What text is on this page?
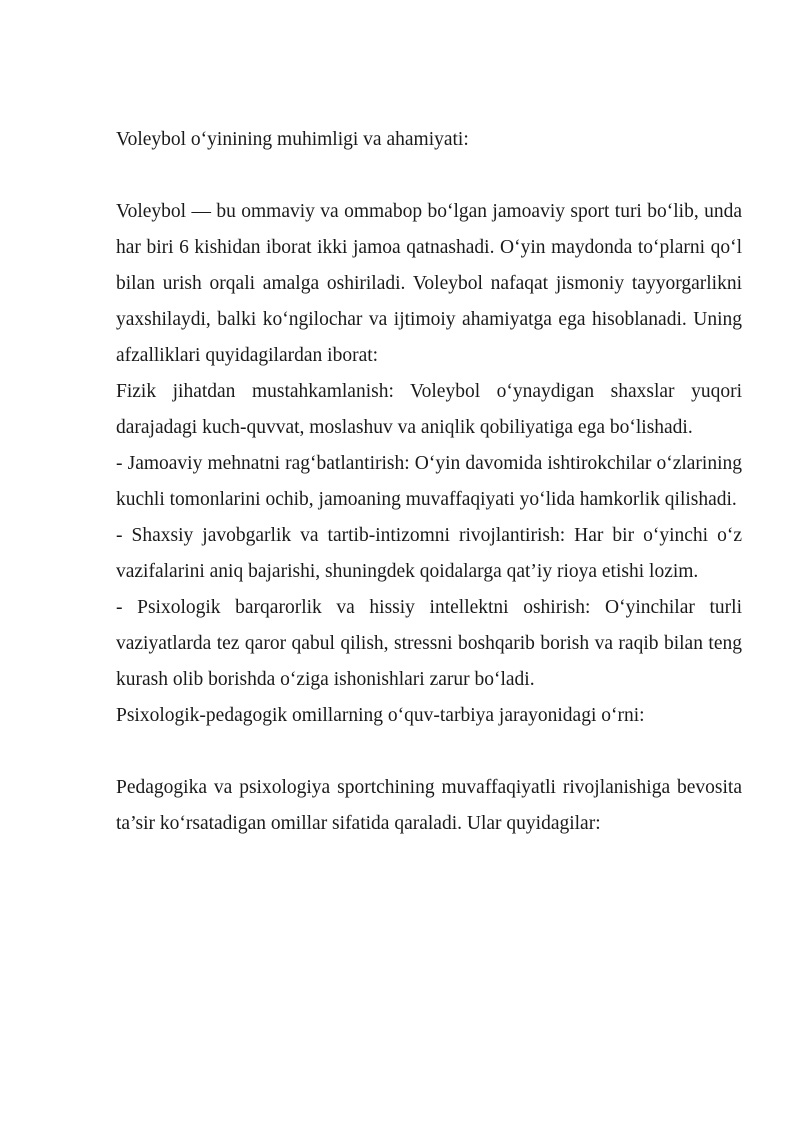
Voleybol o‘yinining muhimligi va ahamiyati:

Voleybol — bu ommaviy va ommabop bo‘lgan jamoaviy sport turi bo‘lib, unda har biri 6 kishidan iborat ikki jamoa qatnashadi. O‘yin maydonda to‘plarni qo‘l bilan urish orqali amalga oshiriladi. Voleybol nafaqat jismoniy tayyorgarlikni yaxshilaydi, balki ko‘ngilochar va ijtimoiy ahamiyatga ega hisoblanadi. Uning afzalliklari quyidagilardan iborat:

Fizik jihatdan mustahkamlanish: Voleybol o‘ynaydigan shaxslar yuqori darajadagi kuch-quvvat, moslashuv va aniqlik qobiliyatiga ega bo‘lishadi.

- Jamoaviy mehnatni rag‘batlantirish: O‘yin davomida ishtirokchilar o‘zlarining kuchli tomonlarini ochib, jamoaning muvaffaqiyati yo‘lida hamkorlik qilishadi.

- Shaxsiy javobgarlik va tartib-intizomni rivojlantirish: Har bir o‘yinchi o‘z vazifalarini aniq bajarishi, shuningdek qoidalarga qat’iy rioya etishi lozim.

- Psixologik barqarorlik va hissiy intellektni oshirish: O‘yinchilar turli vaziyatlarda tez qaror qabul qilish, stressni boshqarib borish va raqib bilan teng kurash olib borishda o‘ziga ishonishlari zarur bo‘ladi.

Psixologik-pedagogik omillarning o‘quv-tarbiya jarayonidagi o‘rni:

Pedagogika va psixologiya sportchining muvaffaqiyatli rivojlanishiga bevosita ta’sir ko‘rsatadigan omillar sifatida qaraladi. Ular quyidagilar:
